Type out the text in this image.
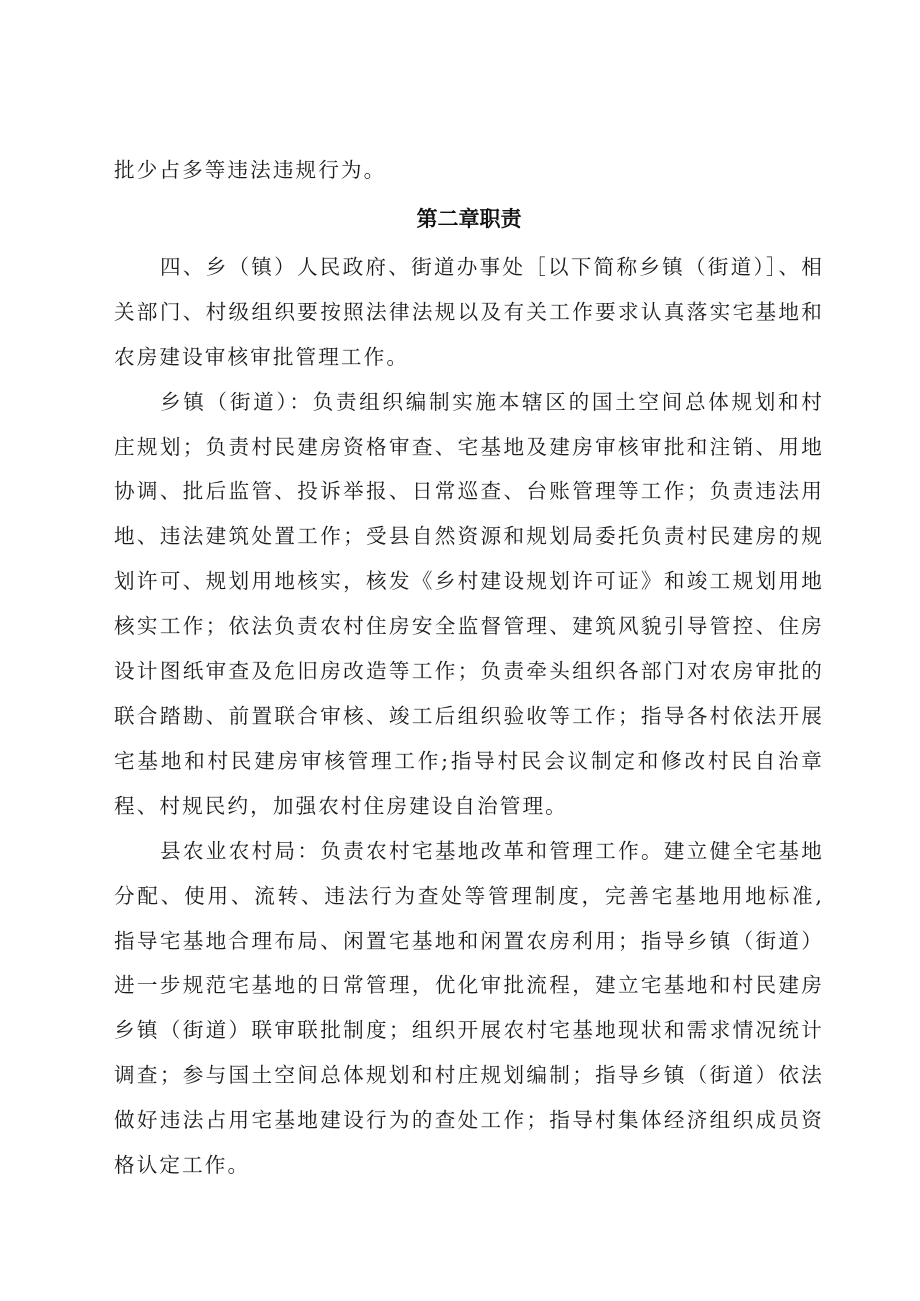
批少占多等违法违规行为。

第二章职责

四、乡（镇）人民政府、街道办事处［以下简称乡镇（街道）］、相关部门、村级组织要按照法律法规以及有关工作要求认真落实宅基地和农房建设审核审批管理工作。

乡镇（街道）：负责组织编制实施本辖区的国土空间总体规划和村庄规划；负责村民建房资格审查、宅基地及建房审核审批和注销、用地协调、批后监管、投诉举报、日常巡查、台账管理等工作；负责违法用地、违法建筑处置工作；受县自然资源和规划局委托负责村民建房的规划许可、规划用地核实，核发《乡村建设规划许可证》和竣工规划用地核实工作；依法负责农村住房安全监督管理、建筑风貌引导管控、住房设计图纸审查及危旧房改造等工作；负责牵头组织各部门对农房审批的联合踏勘、前置联合审核、竣工后组织验收等工作；指导各村依法开展宅基地和村民建房审核管理工作;指导村民会议制定和修改村民自治章程、村规民约，加强农村住房建设自治管理。

县农业农村局：负责农村宅基地改革和管理工作。建立健全宅基地分配、使用、流转、违法行为查处等管理制度，完善宅基地用地标准,指导宅基地合理布局、闲置宅基地和闲置农房利用；指导乡镇（街道）进一步规范宅基地的日常管理，优化审批流程，建立宅基地和村民建房乡镇（街道）联审联批制度；组织开展农村宅基地现状和需求情况统计调查；参与国土空间总体规划和村庄规划编制；指导乡镇（街道）依法做好违法占用宅基地建设行为的查处工作；指导村集体经济组织成员资格认定工作。
